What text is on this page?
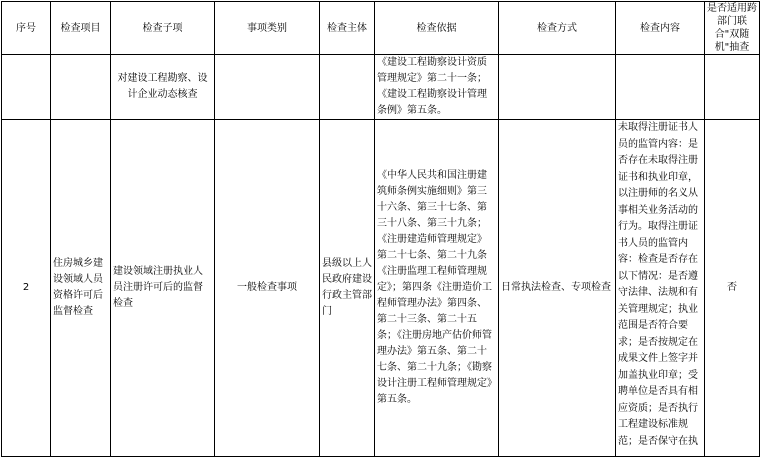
序号	检查项目	检查子项	事项类别	检查主体	检查依据	检查方式	检查内容	是否适用跨部门联合"双随机"抽查
		对建设工程勘察、设计企业动态核查			《建设工程勘察设计资质管理规定》第二十一条；《建设工程勘察设计管理条例》第五条。			
2	住房城乡建设领域人员资格许可后监督检查	建设领域注册执业人员注册许可后的监督检查	一般检查事项	县级以上人民政府建设行政主管部门	《中华人民共和国注册建筑师条例实施细则》第三十六条、第三十七条、第三十八条、第三十九条；《注册建造师管理规定》第二十七条、第二十九条《注册监理工程师管理规定》；第四条《注册造价工程师管理办法》第四条、第二十三条、第二十五条；《注册房地产估价师管理办法》第五条、第二十七条、第二十九条；《勘察设计注册工程师管理规定》第五条。	日常执法检查、专项检查	未取得注册证书人员的监管内容：是否存在未取得注册证书和执业印章，以注册师的名义从事相关业务活动的行为。取得注册证书人员的监管内容：检查是否存在以下情况：是否遵守法律、法规和有关管理规定；执业范围是否符合要求；是否按规定在成果文件上签字并加盖执业印章；受聘单位是否具有相应资质；是否执行工程建设标准规范；是否保守在执	否
